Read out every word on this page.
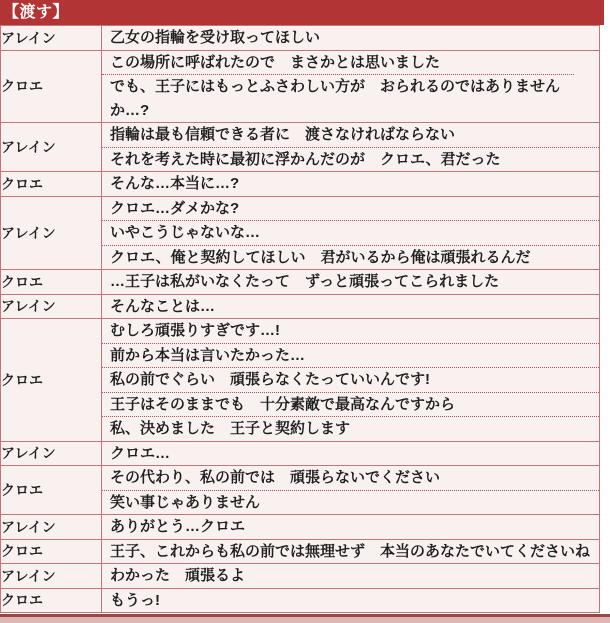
【渡す】
アレイン	乙女の指輪を受け取ってほしい

クロエ	この場所に呼ばれたので　まさかとは思いました
でも、王子にはもっとふさわしい方が　おられるのではありませんか…?

アレイン	指輪は最も信頼できる者に　渡さなければならない
それを考えた時に最初に浮かんだのが　クロエ、君だった

クロエ	そんな…本当に…?

アレイン	クロエ…ダメかな?
いやこうじゃないな…
クロエ、俺と契約してほしい　君がいるから俺は頑張れるんだ

クロエ	…王子は私がいなくたって　ずっと頑張ってこられました

アレイン	そんなことは…

クロエ	むしろ頑張りすぎです…!
前から本当は言いたかった…
私の前でぐらい　頑張らなくたっていいんです!
王子はそのままでも　十分素敵で最高なんですから
私、決めました　王子と契約します

アレイン	クロエ…

クロエ	その代わり、私の前では　頑張らないでください
笑い事じゃありません

アレイン	ありがとう…クロエ

クロエ	王子、これからも私の前では無理せず　本当のあなたでいてくださいね

アレイン	わかった　頑張るよ

クロエ	もうっ!
